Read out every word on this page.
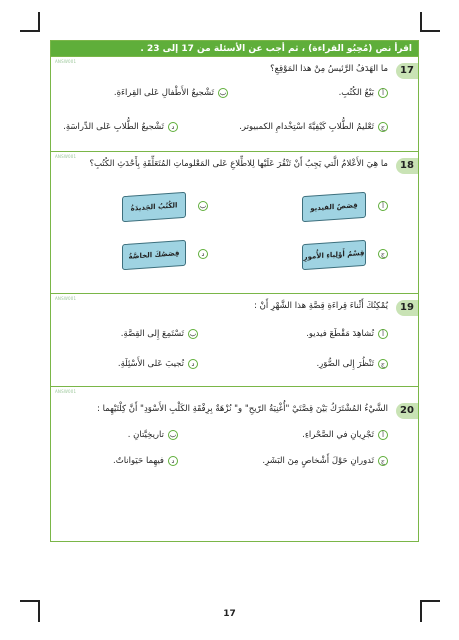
اقرأ نص (مُحِبُو القراءة) ، ثم أجب عن الأسئلة من 17 إلى 23 .
ANSW001
17
ما الهَدَفُ الرَّئيسُ مِنْ هذا المَوْقِعِ؟
أبَيْعُ الكُتُبِ.
بتَشْجيعُ الأَطْفالِ عَلى القِراءَةِ.
جتَعْليمُ الطُّلابِ كَيْفِيَّةَ اسْتِخْدامِ الكمبيوتر.
دتَشْجيعُ الطُّلابِ عَلى الدِّراسَةِ.
ANSW001
18
ما هِيَ الأَعْلامُ الَّتي يَجِبُ أَنْ تَنْقُرَ عَلَيْها لِلاطِّلاعِ عَلى المَعْلوماتِ المُتَعَلِّقَةِ بِأَحْدَثِ الكُتُبِ؟
أ
قِصَصُ الفيديو
ب
الكُتُبُ الجَديدَةُ
ج
قِسْمُ أَوْلِياءِ الأُمورِ
د
قِصَصُكَ الخاصَّةُ
ANSW001
19
يُمْكِنُكَ أَثْناءَ قِراءَةِ قِصَّةِ هذا الشَّهْرِ أَنْ :
أتُشاهِدَ مَقْطَعَ فيديو.
بتَسْتَمِعَ إِلى القِصَّةِ.
جتَنْظُرَ إِلى الصُّوَرِ.
دتُجيبَ عَلى الأَسْئِلَةِ.
ANSW001
20
الشَّيْءُ المُشْتَرَكُ بَيْنَ قِصَّتَيْ "أُغْنِيَةُ الرّيحِ" و" نُزْهَةٌ بِرِفْقَةِ الكَلْبِ الأَسْوَدِ" أَنَّ كِلْتَيْهِما :
أتَجْرِيانِ في الصَّحْراءِ.
بتاريخِيَّتانِ .
جتَدورانِ حَوْلَ أَشْخاصٍ مِنَ البَشَرِ.
دفيهِما حَيَواناتٌ.
17
